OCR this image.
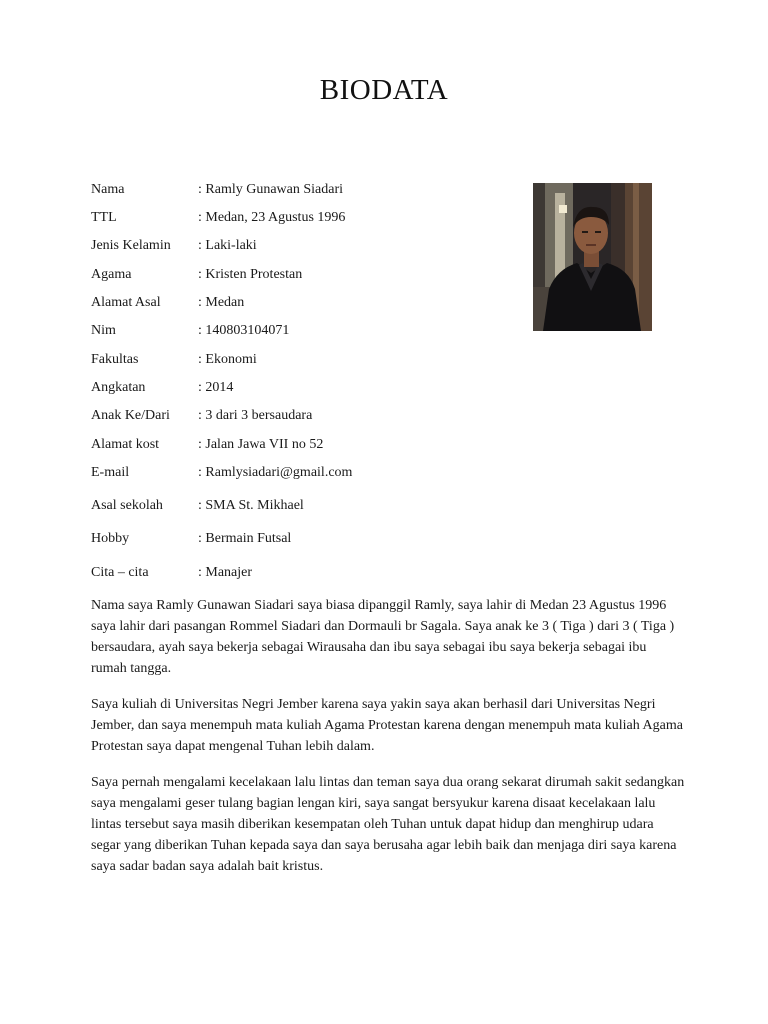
BIODATA
Nama	: Ramly Gunawan Siadari
TTL	: Medan, 23 Agustus 1996
Jenis Kelamin	: Laki-laki
Agama	: Kristen Protestan
Alamat Asal	: Medan
Nim	: 140803104071
Fakultas	: Ekonomi
Angkatan	: 2014
Anak Ke/Dari	: 3 dari 3 bersaudara
Alamat kost	: Jalan Jawa VII no 52
E-mail	: Ramlysiadari@gmail.com
Asal sekolah	: SMA St. Mikhael
Hobby	: Bermain Futsal
Cita – cita	: Manajer

Nama saya Ramly Gunawan Siadari saya biasa dipanggil Ramly, saya lahir di Medan 23 Agustus 1996 saya lahir dari pasangan Rommel Siadari dan Dormauli br Sagala. Saya anak ke 3 ( Tiga ) dari 3 ( Tiga ) bersaudara, ayah saya bekerja sebagai Wirausaha dan ibu saya sebagai ibu saya bekerja sebagai ibu rumah tangga.

Saya kuliah di Universitas Negri Jember karena saya yakin saya akan berhasil dari Universitas Negri Jember, dan saya menempuh mata kuliah Agama Protestan karena dengan menempuh mata kuliah Agama Protestan saya dapat mengenal Tuhan lebih dalam.

Saya pernah mengalami kecelakaan lalu lintas dan teman saya dua orang sekarat dirumah sakit sedangkan saya mengalami geser tulang bagian lengan kiri, saya sangat bersyukur karena disaat kecelakaan lalu lintas tersebut saya masih diberikan kesempatan oleh Tuhan untuk dapat hidup dan menghirup udara segar yang diberikan Tuhan kepada saya dan saya berusaha agar lebih baik dan menjaga diri saya karena saya sadar badan saya adalah bait kristus.
